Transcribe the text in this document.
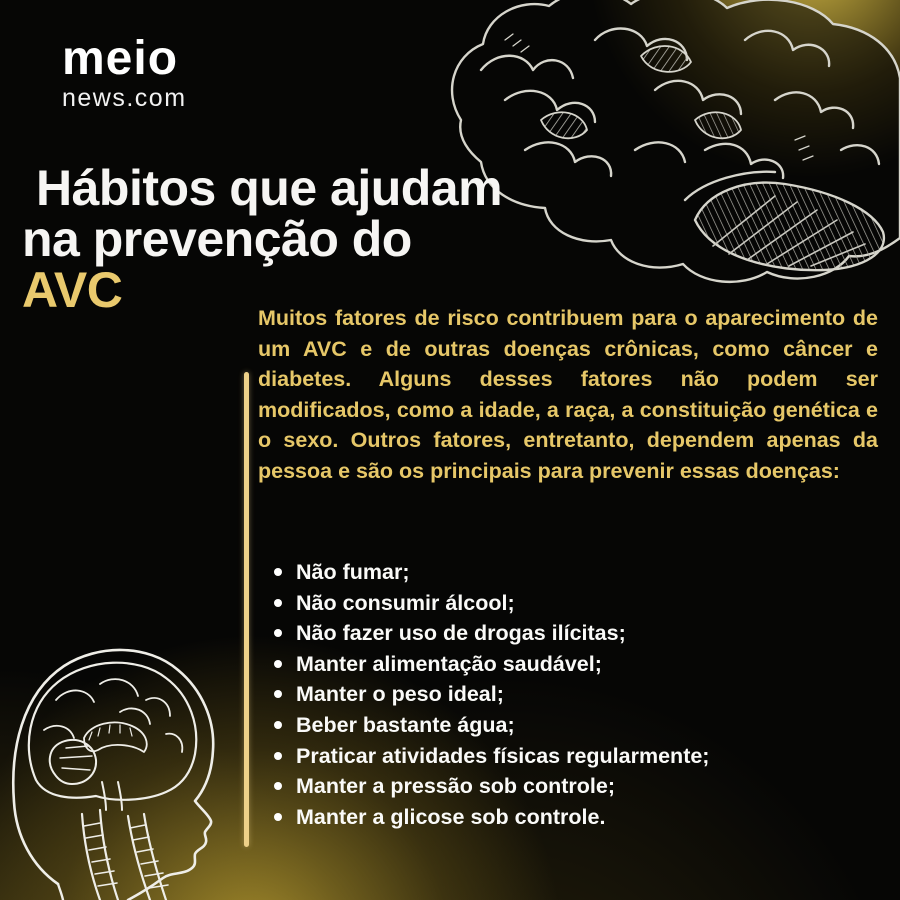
meio
news.com
Hábitos que ajudam
na prevenção do
AVC	Muitos fatores de risco contribuem para o aparecimento de um AVC e de outras doenças crônicas, como câncer e diabetes. Alguns desses fatores não podem ser modificados, como a idade, a raça, a constituição genética e o sexo. Outros fatores, entretanto, dependem apenas da pessoa e são os principais para prevenir essas doenças:

Não fumar;
Não consumir álcool;
Não fazer uso de drogas ilícitas;
Manter alimentação saudável;
Manter o peso ideal;
Beber bastante água;
Praticar atividades físicas regularmente;
Manter a pressão sob controle;
Manter a glicose sob controle.
